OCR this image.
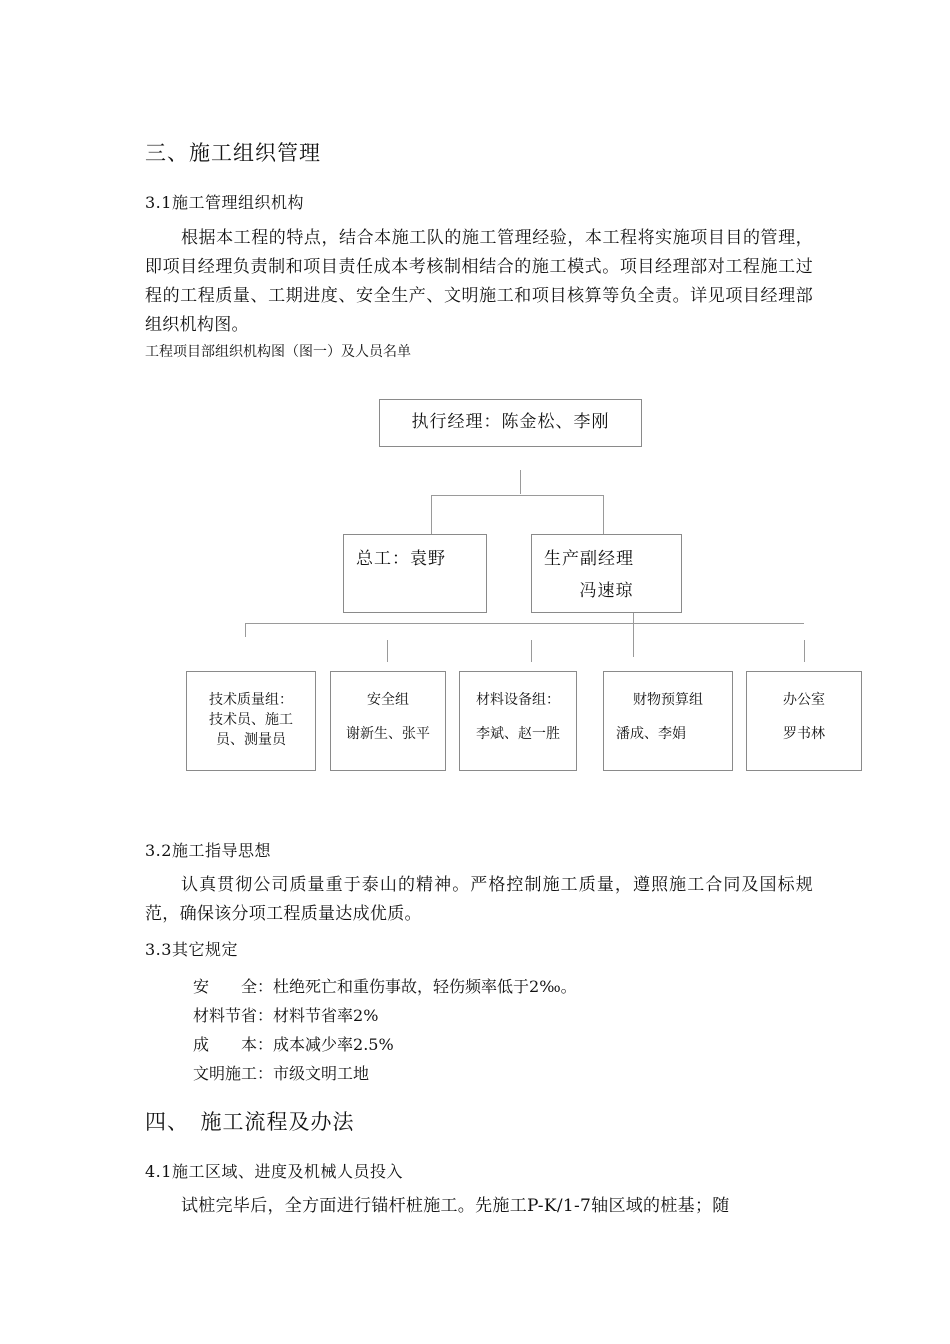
三、施工组织管理
3.1施工管理组织机构
根据本工程的特点，结合本施工队的施工管理经验，本工程将实施项目目的管理，即项目经理负责制和项目责任成本考核制相结合的施工模式。项目经理部对工程施工过程的工程质量、工期进度、安全生产、文明施工和项目核算等负全责。详见项目经理部组织机构图。
工程项目部组织机构图（图一）及人员名单
执行经理：陈金松、李刚
总工：袁野	生产副经理
冯速琼
技术质量组：
技术员、施工员、测量员
安全组
谢新生、张平
材料设备组：
李斌、赵一胜
财物预算组
潘成、李娟
办公室
罗书林
3.2施工指导思想
认真贯彻公司质量重于泰山的精神。严格控制施工质量，遵照施工合同及国标规范，确保该分项工程质量达成优质。
3.3其它规定
安　　全：杜绝死亡和重伤事故，轻伤频率低于2‰。
材料节省：材料节省率2%
成　　本：成本减少率2.5%
文明施工：市级文明工地
四、　施工流程及办法
4.1施工区域、进度及机械人员投入
试桩完毕后，全方面进行锚杆桩施工。先施工P-K/1-7轴区域的桩基；随
